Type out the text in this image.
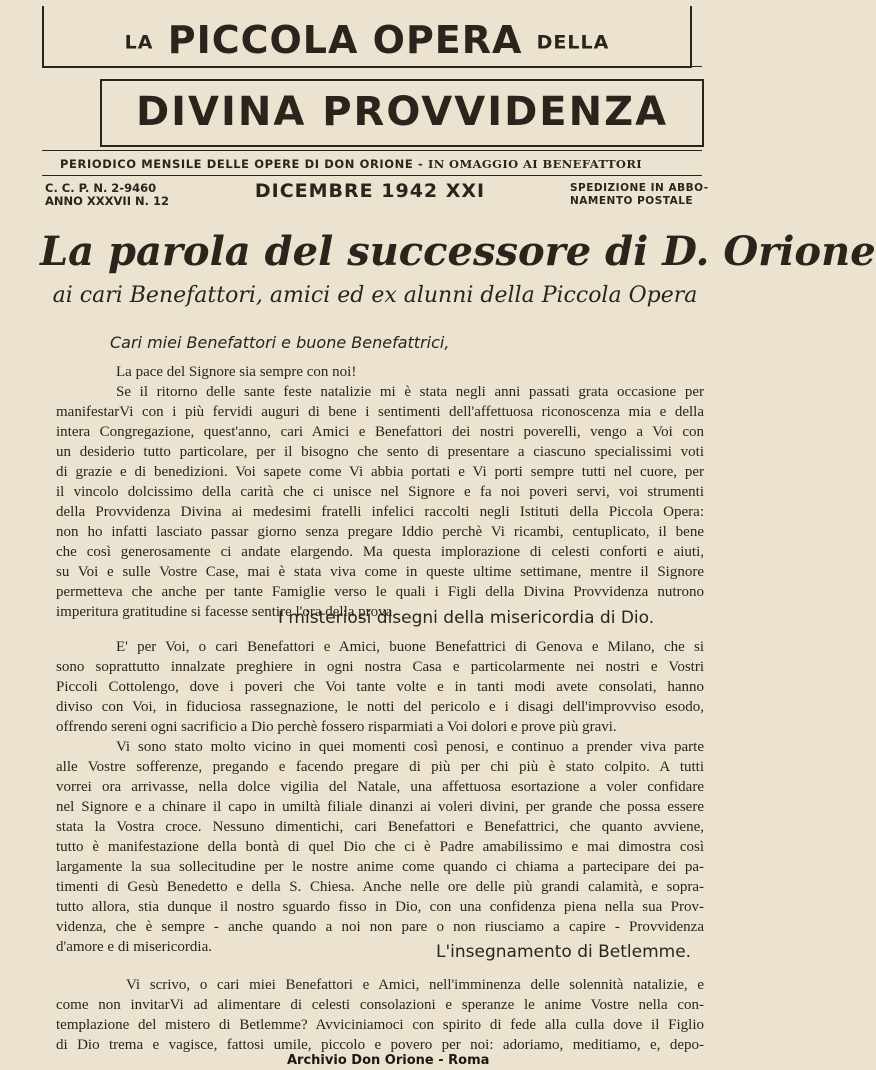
LA PICCOLA OPERA DELLA
DIVINA PROVVIDENZA
PERIODICO MENSILE DELLE OPERE DI DON ORIONE - IN OMAGGIO AI BENEFATTORI
C. C. P. N. 2-9460
ANNO XXXVII N. 12	DICEMBRE 1942 XXI	SPEDIZIONE IN ABBO-
NAMENTO POSTALE
La parola del successore di D. Orione
ai cari Benefattori, amici ed ex alunni della Piccola Opera
Cari miei Benefattori e buone Benefattrici,
La pace del Signore sia sempre con noi!
Se il ritorno delle sante feste natalizie mi è stata negli anni passati grata occasione per
manifestarVi con i più fervidi auguri di bene i sentimenti dell'affettuosa riconoscenza mia e della
intera Congregazione, quest'anno, cari Amici e Benefattori dei nostri poverelli, vengo a Voi con
un desiderio tutto particolare, per il bisogno che sento di presentare a ciascuno specialissimi voti
di grazie e di benedizioni. Voi sapete come Vi abbia portati e Vi porti sempre tutti nel cuore, per
il vincolo dolcissimo della carità che ci unisce nel Signore e fa noi poveri servi, voi strumenti
della Provvidenza Divina ai medesimi fratelli infelici raccolti negli Istituti della Piccola Opera:
non ho infatti lasciato passar giorno senza pregare Iddio perchè Vi ricambi, centuplicato, il bene
che così generosamente ci andate elargendo. Ma questa implorazione di celesti conforti e aiuti,
su Voi e sulle Vostre Case, mai è stata viva come in queste ultime settimane, mentre il Signore
permetteva che anche per tante Famiglie verso le quali i Figli della Divina Provvidenza nutrono
imperitura gratitudine si facesse sentire l'ora della prova.
I misteriosi disegni della misericordia di Dio.
E' per Voi, o cari Benefattori e Amici, buone Benefattrici di Genova e Milano, che si
sono soprattutto innalzate preghiere in ogni nostra Casa e particolarmente nei nostri e Vostri
Piccoli Cottolengo, dove i poveri che Voi tante volte e in tanti modi avete consolati, hanno
diviso con Voi, in fiduciosa rassegnazione, le notti del pericolo e i disagi dell'improvviso esodo,
offrendo sereni ogni sacrificio a Dio perchè fossero risparmiati a Voi dolori e prove più gravi.
Vi sono stato molto vicino in quei momenti così penosi, e continuo a prender viva parte
alle Vostre sofferenze, pregando e facendo pregare di più per chi più è stato colpito. A tutti
vorrei ora arrivasse, nella dolce vigilia del Natale, una affettuosa esortazione a voler confidare
nel Signore e a chinare il capo in umiltà filiale dinanzi ai voleri divini, per grande che possa essere
stata la Vostra croce. Nessuno dimentichi, cari Benefattori e Benefattrici, che quanto avviene,
tutto è manifestazione della bontà di quel Dio che ci è Padre amabilissimo e mai dimostra così
largamente la sua sollecitudine per le nostre anime come quando ci chiama a partecipare dei pa-
timenti di Gesù Benedetto e della S. Chiesa. Anche nelle ore delle più grandi calamità, e sopra-
tutto allora, stia dunque il nostro sguardo fisso in Dio, con una confidenza piena nella sua Prov-
videnza, che è sempre - anche quando a noi non pare o non riusciamo a capire - Provvidenza
d'amore e di misericordia.	L'insegnamento di Betlemme.
Vi scrivo, o cari miei Benefattori e Amici, nell'imminenza delle solennità natalizie, e
come non invitarVi ad alimentare di celesti consolazioni e speranze le anime Vostre nella con-
templazione del mistero di Betlemme? Avviciniamoci con spirito di fede alla culla dove il Figlio
di Dio trema e vagisce, fattosi umile, piccolo e povero per noi: adoriamo, meditiamo, e, depo-
Archivio Don Orione - Roma
